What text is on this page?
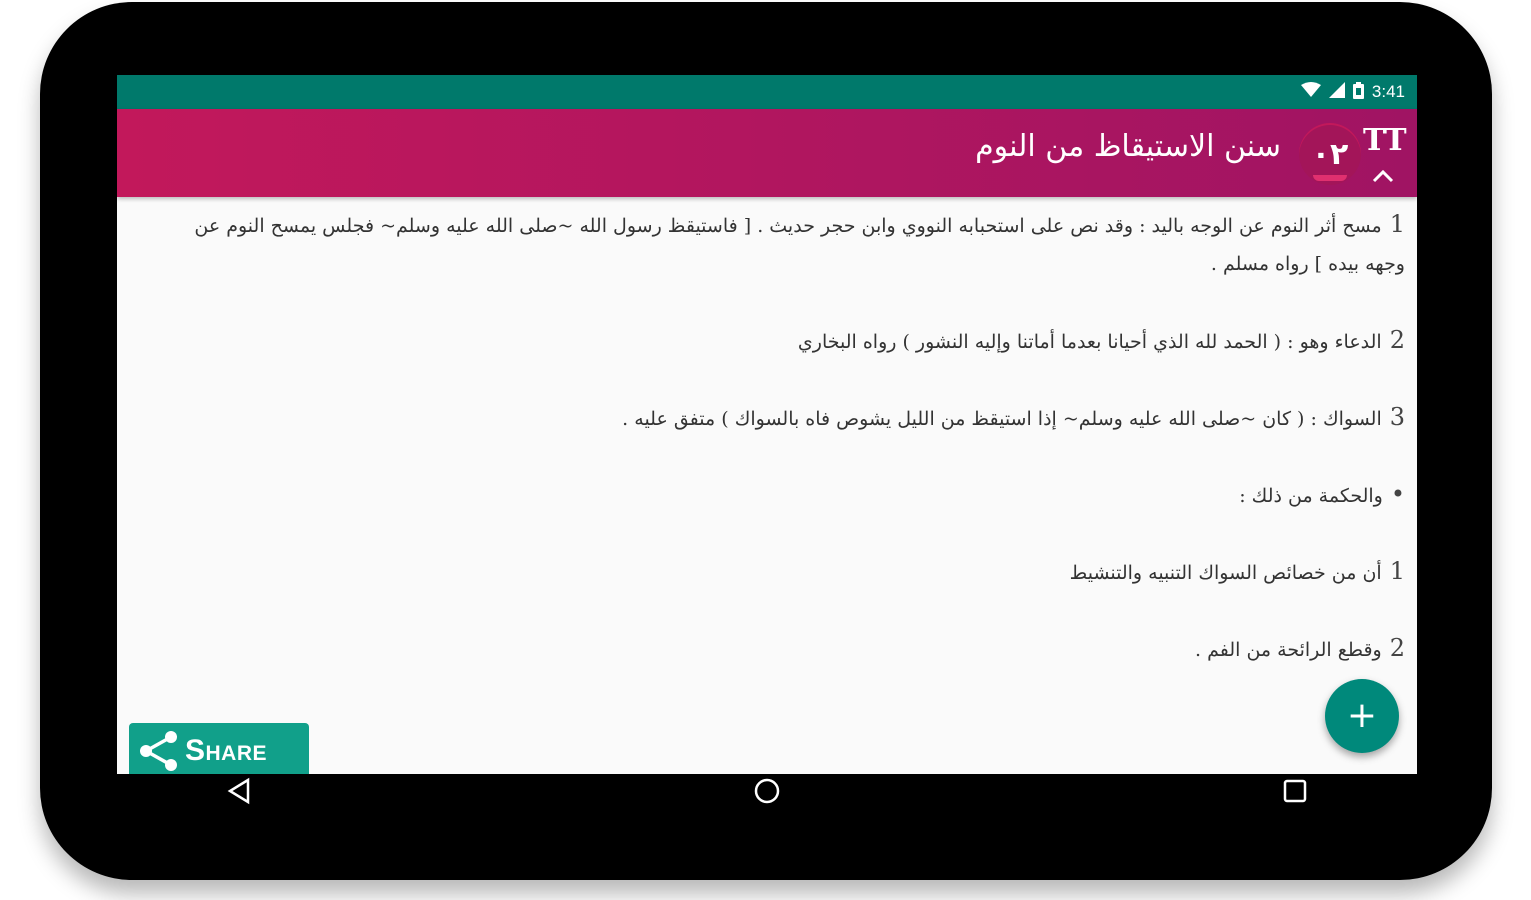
3:41
سنن الاستيقاظ من النوم	٠٢ TT
1مسح أثر النوم عن الوجه باليد : وقد نص على استحبابه النووي وابن حجر حديث . [ فاستيقظ رسول الله ~صلى الله عليه وسلم~ فجلس يمسح النوم عن وجهه بيده ] رواه مسلم .
2الدعاء وهو : ( الحمد لله الذي أحيانا بعدما أماتنا وإليه النشور ) رواه البخاري
3السواك : ( كان ~صلى الله عليه وسلم~ إذا استيقظ من الليل يشوص فاه بالسواك ) متفق عليه .
•والحكمة من ذلك :
1أن من خصائص السواك التنبيه والتنشيط
2وقطع الرائحة من الفم .
+
Share
